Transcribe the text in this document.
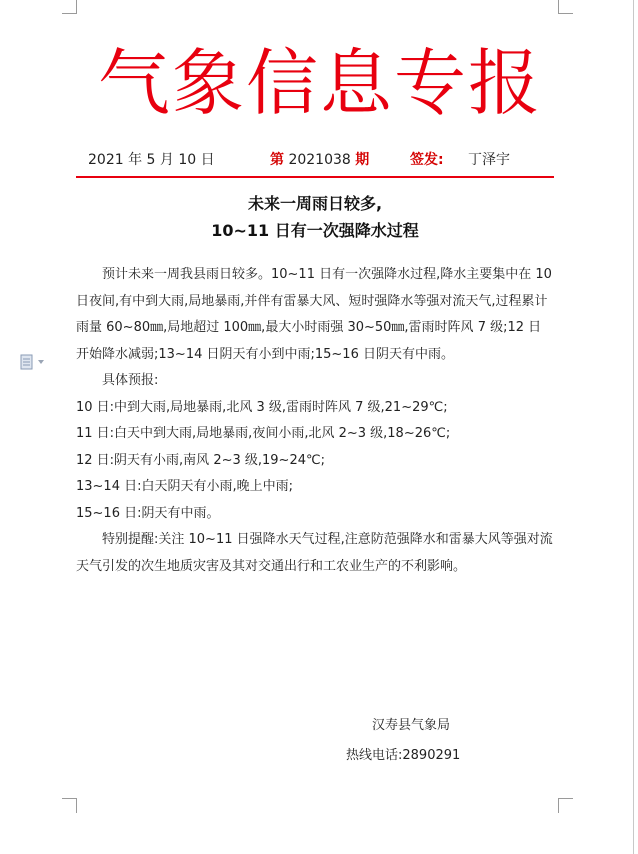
气象信息专报
2021 年 5 月 10 日	第 2021038 期	签发: 丁泽宇
未来一周雨日较多,
10~11 日有一次强降水过程

预计未来一周我县雨日较多。10~11 日有一次强降水过程,降水主要集中在 10 日夜间,有中到大雨,局地暴雨,并伴有雷暴大风、短时强降水等强对流天气,过程累计雨量 60~80㎜,局地超过 100㎜,最大小时雨强 30~50㎜,雷雨时阵风 7 级;12 日开始降水减弱;13~14 日阴天有小到中雨;15~16 日阴天有中雨。

具体预报:

10 日:中到大雨,局地暴雨,北风 3 级,雷雨时阵风 7 级,21~29℃;

11 日:白天中到大雨,局地暴雨,夜间小雨,北风 2~3 级,18~26℃;

12 日:阴天有小雨,南风 2~3 级,19~24℃;

13~14 日:白天阴天有小雨,晚上中雨;

15~16 日:阴天有中雨。

特别提醒:关注 10~11 日强降水天气过程,注意防范强降水和雷暴大风等强对流天气引发的次生地质灾害及其对交通出行和工农业生产的不利影响。

汉寿县气象局
热线电话:2890291
